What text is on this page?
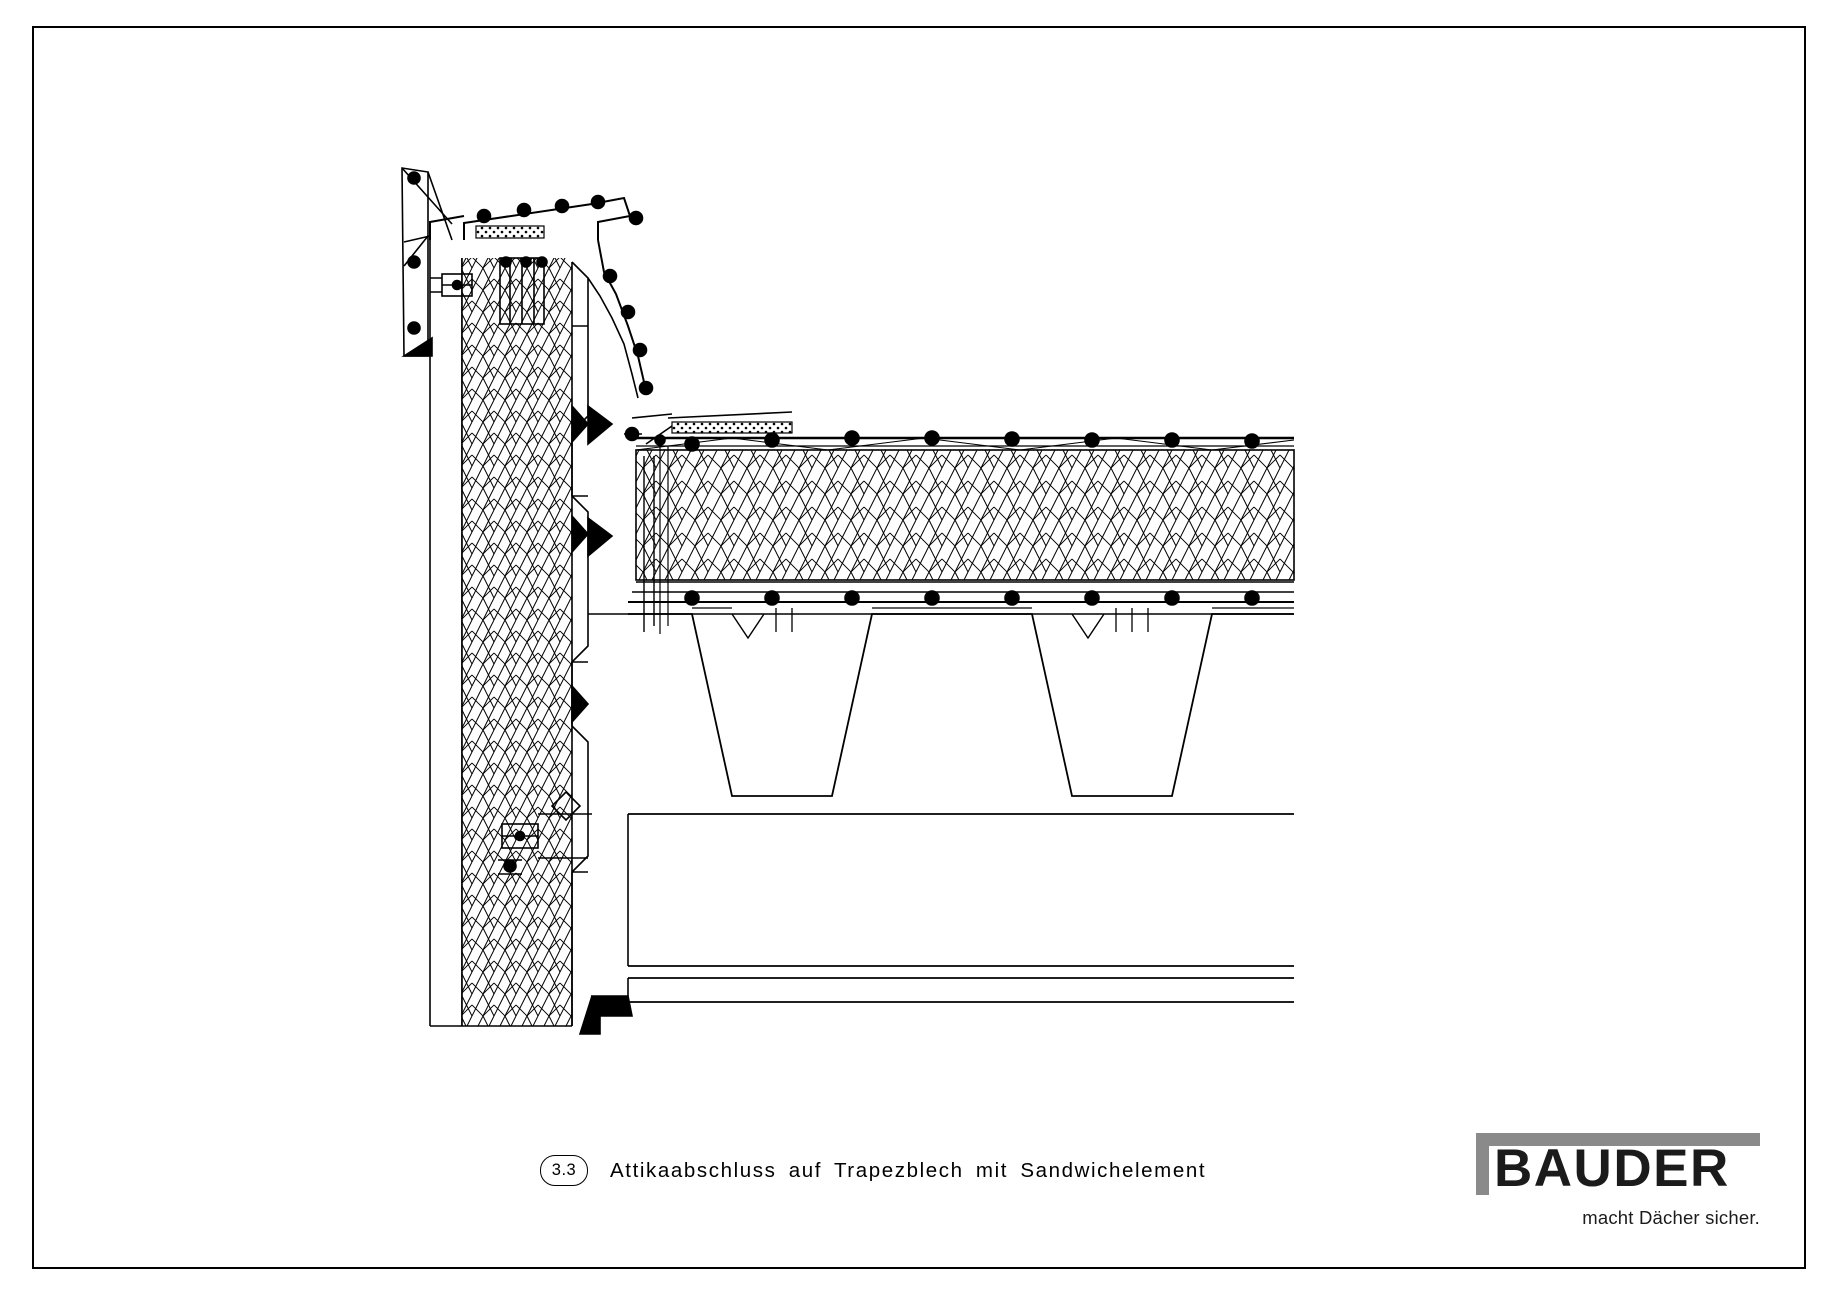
3.3	Attikaabschluss auf Trapezblech mit Sandwichelement	BAUDER
macht Dächer sicher.
